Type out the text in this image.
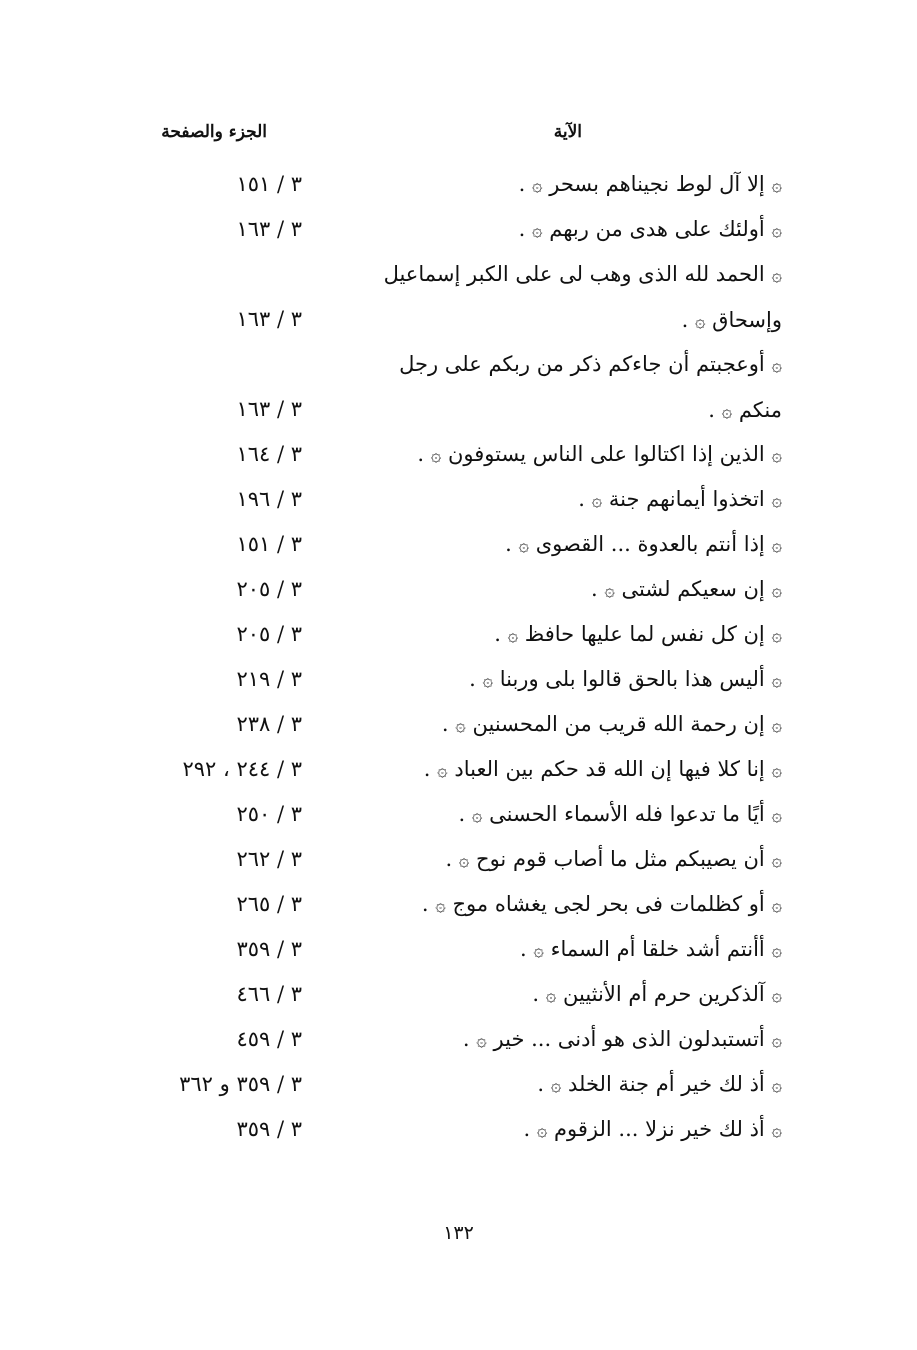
الآية
الجزء والصفحة
۞ إلا آل لوط نجيناهم بسحر ۞ .
٣ / ١٥١
۞ أولئك على هدى من ربهم ۞ .
٣ / ١٦٣
۞ الحمد لله الذى وهب لى على الكبر إسماعيل
وإسحاق ۞ .
٣ / ١٦٣
۞ أوعجبتم أن جاءكم ذكر من ربكم على رجل
منكم ۞ .
٣ / ١٦٣
۞ الذين إذا اكتالوا على الناس يستوفون ۞ .
٣ / ١٦٤
۞ اتخذوا أيمانهم جنة ۞ .
٣ / ١٩٦
۞ إذا أنتم بالعدوة ... القصوى ۞ .
٣ / ١٥١
۞ إن سعيكم لشتى ۞ .
٣ / ٢٠٥
۞ إن كل نفس لما عليها حافظ ۞ .
٣ / ٢٠٥
۞ أليس هذا بالحق قالوا بلى وربنا ۞ .
٣ / ٢١٩
۞ إن رحمة الله قريب من المحسنين ۞ .
٣ / ٢٣٨
۞ إنا كلا فيها إن الله قد حكم بين العباد ۞ .
٣ / ٢٤٤ ، ٢٩٢
۞ أيًا ما تدعوا فله الأسماء الحسنى ۞ .
٣ / ٢٥٠
۞ أن يصيبكم مثل ما أصاب قوم نوح ۞ .
٣ / ٢٦٢
۞ أو كظلمات فى بحر لجى يغشاه موج ۞ .
٣ / ٢٦٥
۞ أأنتم أشد خلقا أم السماء ۞ .
٣ / ٣٥٩
۞ آلذكرين حرم أم الأنثيين ۞ .
٣ / ٤٦٦
۞ أتستبدلون الذى هو أدنى ... خير ۞ .
٣ / ٤٥٩
۞ أذ لك خير أم جنة الخلد ۞ .
٣ / ٣٥٩ و ٣٦٢
۞ أذ لك خير نزلا ... الزقوم ۞ .
٣ / ٣٥٩
١٣٢
